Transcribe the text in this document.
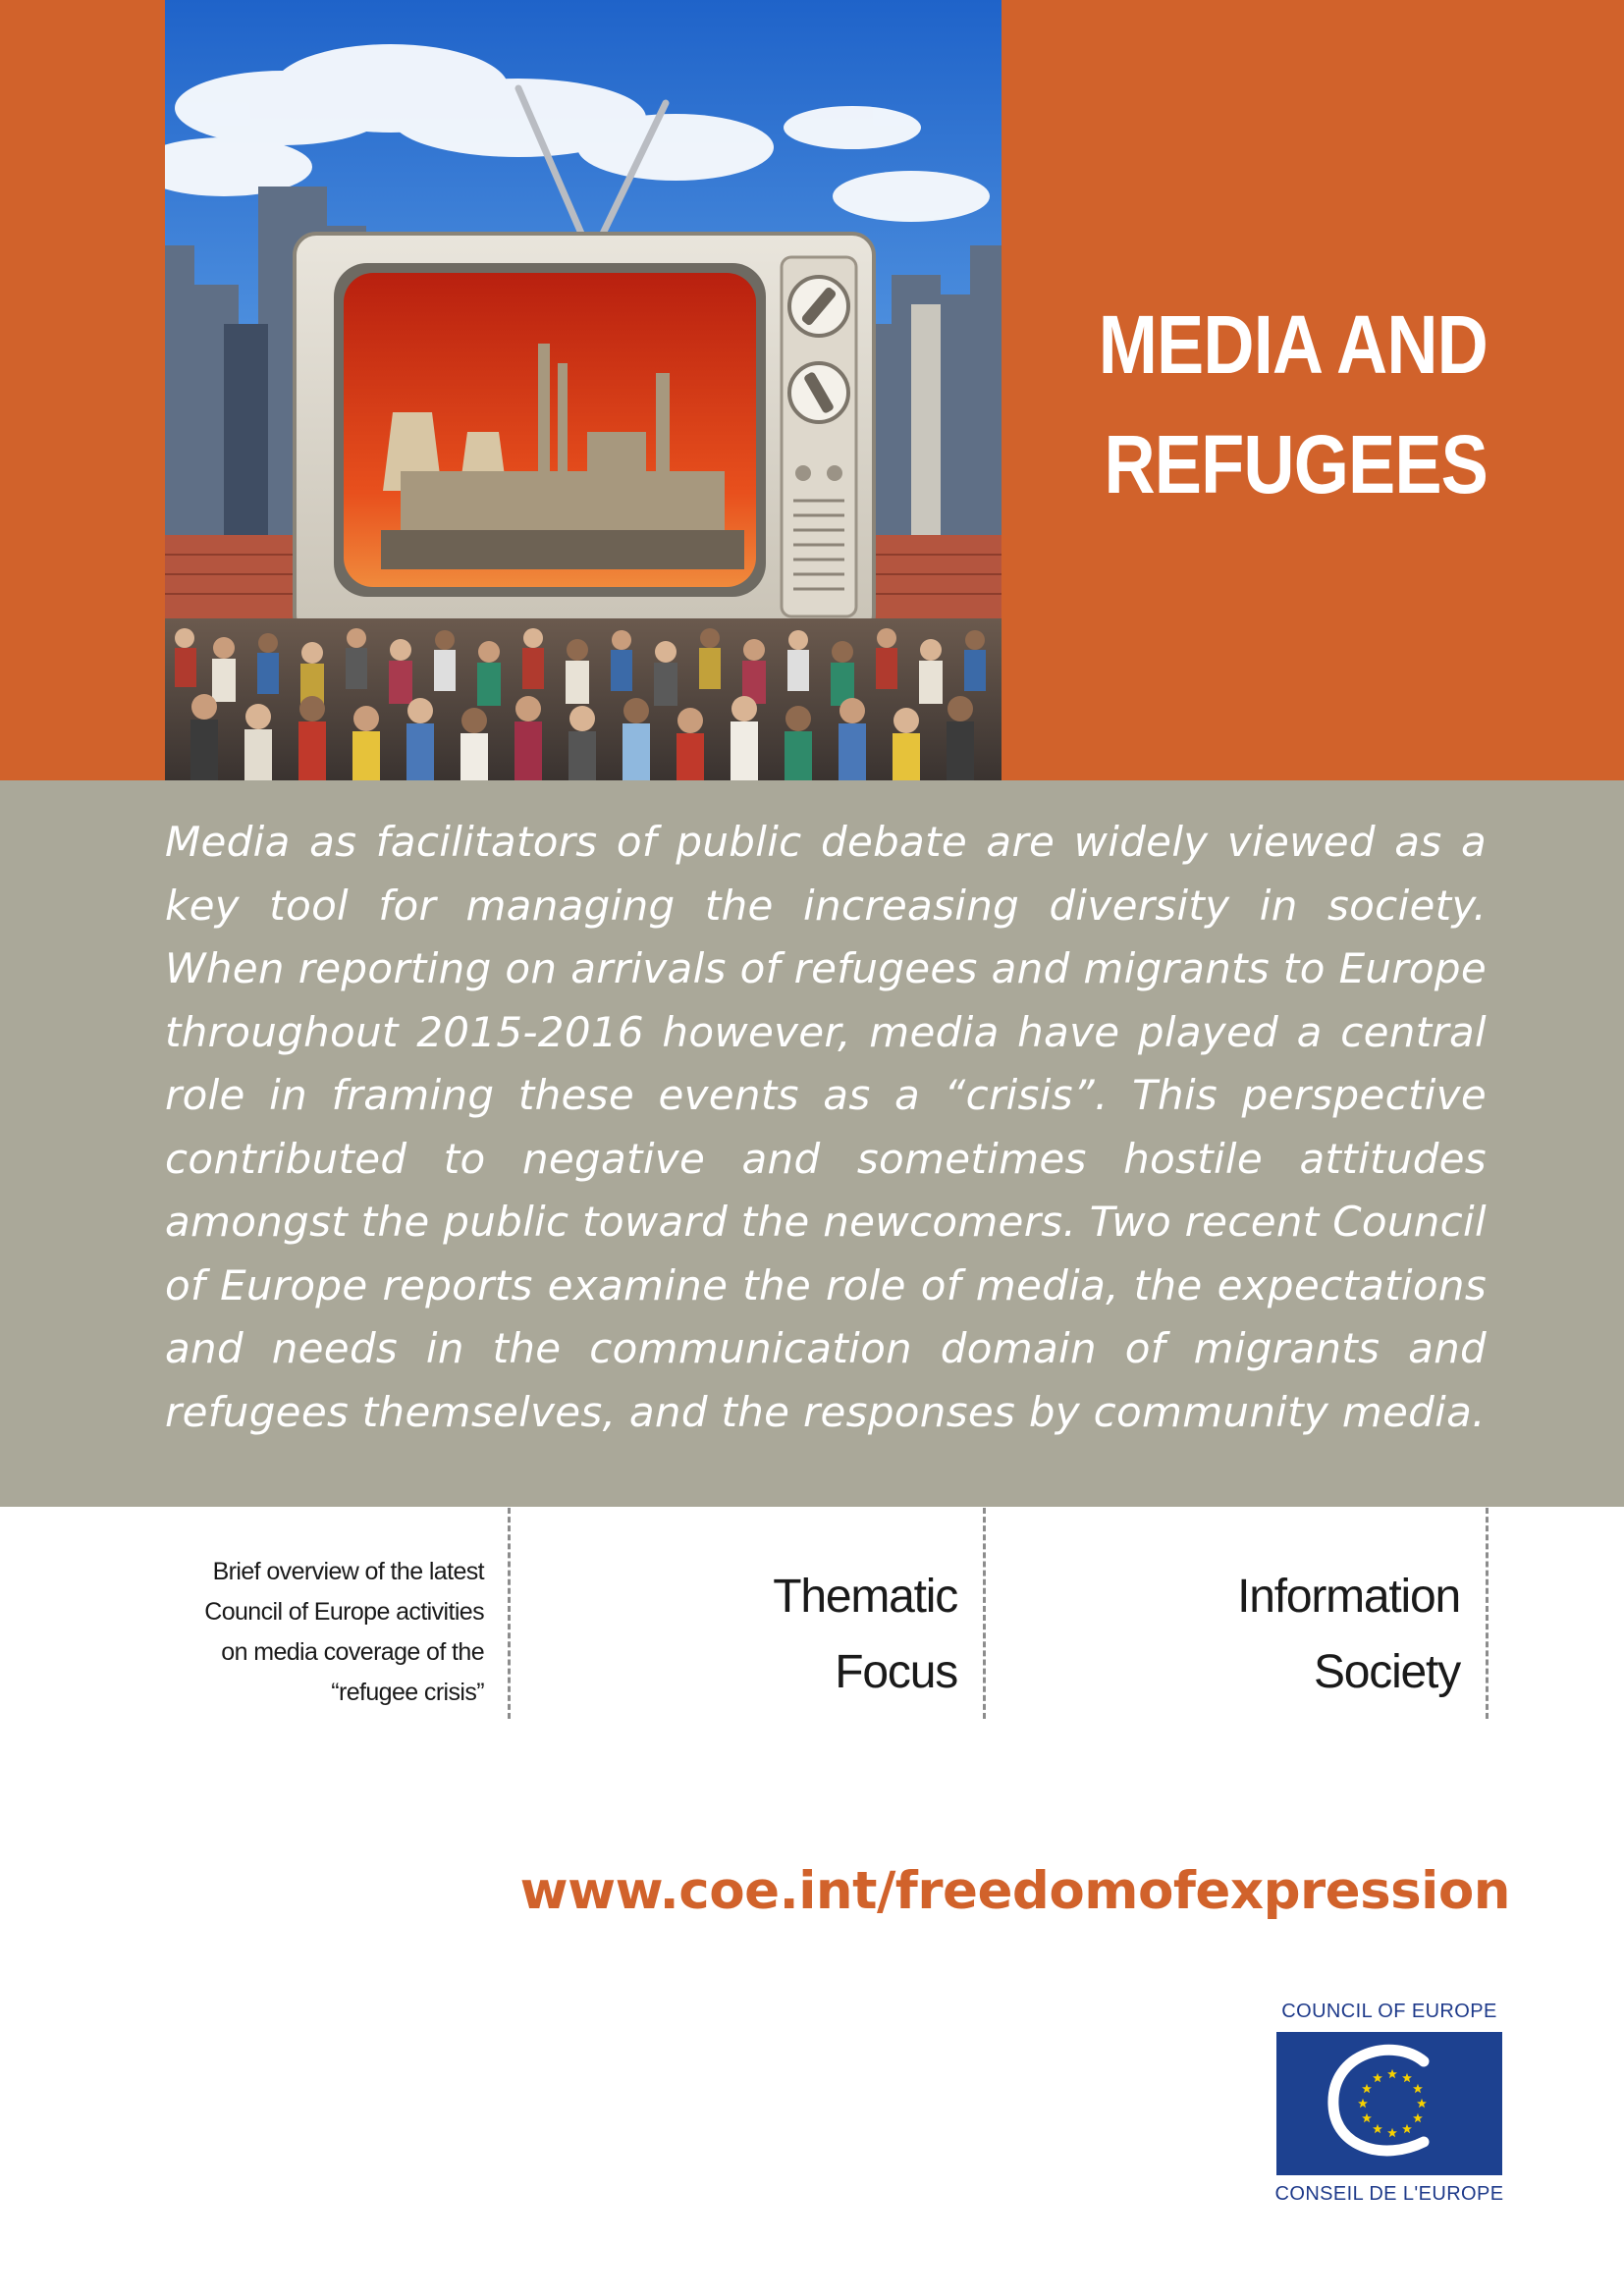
MEDIA AND
REFUGEES

Media as facilitators of public debate are widely viewed as a key tool for managing the increasing diversity in society. When reporting on arrivals of refugees and migrants to Europe throughout 2015-2016 however, media have played a central role in framing these events as a “crisis”. This perspective contributed to negative and sometimes hostile attitudes amongst the public toward the newcomers. Two recent Council of Europe reports examine the role of media, the expectations and needs in the communication domain of migrants and refugees themselves, and the responses by community media.

Brief overview of the latest
Council of Europe activities
on media coverage of the
“refugee crisis”
Thematic
Focus
Information
Society
www.coe.int/freedomofexpression
COUNCIL OF EUROPE
CONSEIL DE L'EUROPE
